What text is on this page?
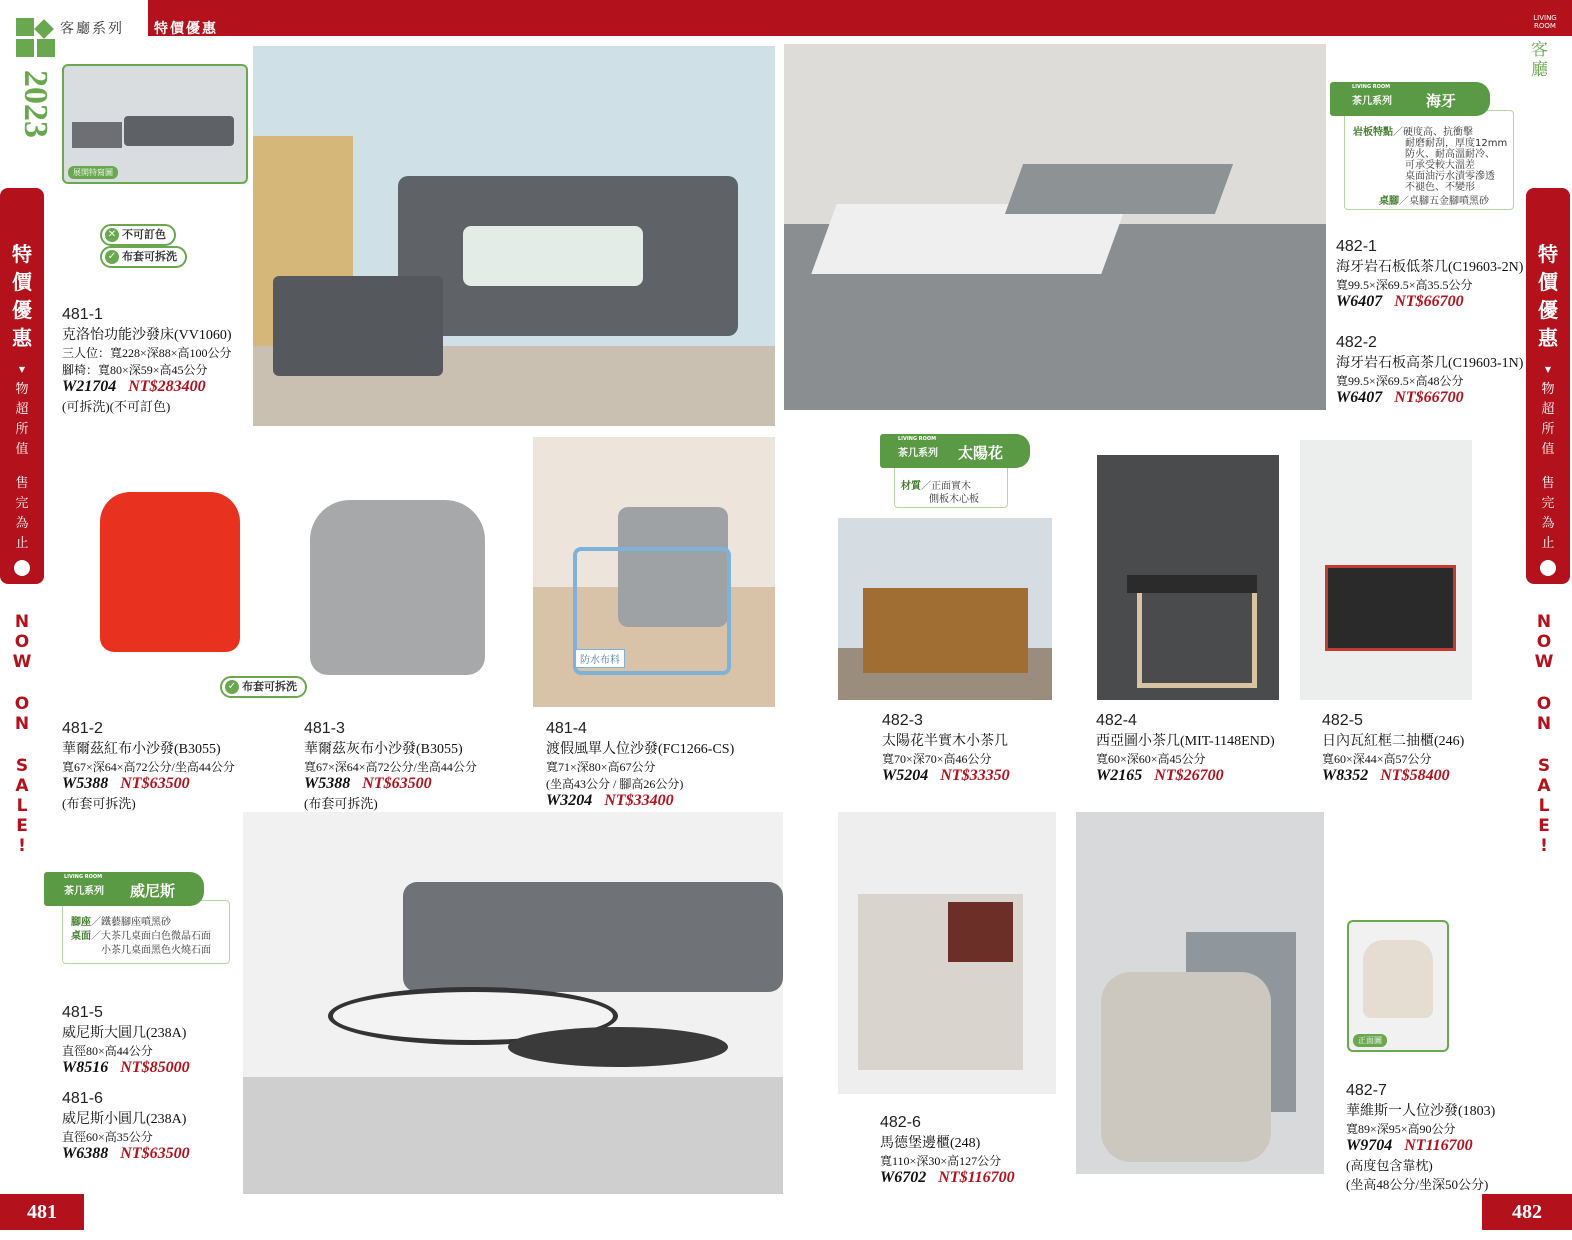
客廳系列 特價優惠
2023
LIVING
ROOM
客廳
特
價
優
惠
▼
物
超
所
值
售
完
為
止
N
O
W
O
N
S
A
L
E
!
特
價
優
惠
▼
物
超
所
值
售
完
為
止
N
O
W
O
N
S
A
L
E
!
展開特寫圖
✕ 不可訂色
✓ 布套可拆洗
✓ 布套可拆洗
防水布料
腳座／鐵藝腳座噴黑砂
桌面／大茶几桌面白色微晶石面
小茶几桌面黑色火燒石面
LIVING ROOM
茶几系列 威尼斯
岩板特點／硬度高、抗衝擊
耐磨耐刮，厚度12mm
防火、耐高溫耐冷、
可承受較大溫差
桌面油污水漬零滲透
不褪色、不變形
桌腳／桌腳五金腳噴黑砂
LIVING ROOM
茶几系列 海牙
材質／正面實木
側板木心板
LIVING ROOM
茶几系列 太陽花
正面圖
481-1
克洛怡功能沙發床(VV1060)
三人位：寬228×深88×高100公分
腳椅：寬80×深59×高45公分
W21704 NT$283400
(可拆洗)(不可訂色)
481-2
華爾茲紅布小沙發(B3055)
寬67×深64×高72公分/坐高44公分
W5388 NT$63500
(布套可拆洗)
481-3
華爾茲灰布小沙發(B3055)
寬67×深64×高72公分/坐高44公分
W5388 NT$63500
(布套可拆洗)
481-4
渡假風單人位沙發(FC1266-CS)
寬71×深80×高67公分
(坐高43公分 / 腳高26公分)
W3204 NT$33400
481-5
威尼斯大圓几(238A)
直徑80×高44公分
W8516 NT$85000
481-6
威尼斯小圓几(238A)
直徑60×高35公分
W6388 NT$63500
482-1
海牙岩石板低茶几(C19603-2N)
寬99.5×深69.5×高35.5公分
W6407 NT$66700
482-2
海牙岩石板高茶几(C19603-1N)
寬99.5×深69.5×高48公分
W6407 NT$66700
482-3
太陽花半實木小茶几
寬70×深70×高46公分
W5204 NT$33350
482-4
西亞圖小茶几(MIT-1148END)
寬60×深60×高45公分
W2165 NT$26700
482-5
日內瓦紅框二抽櫃(246)
寬60×深44×高57公分
W8352 NT$58400
482-6
馬德堡邊櫃(248)
寬110×深30×高127公分
W6702 NT$116700
482-7
華維斯一人位沙發(1803)
寬89×深95×高90公分
W9704 NT116700
(高度包含靠枕)
(坐高48公分/坐深50公分)
481	482
